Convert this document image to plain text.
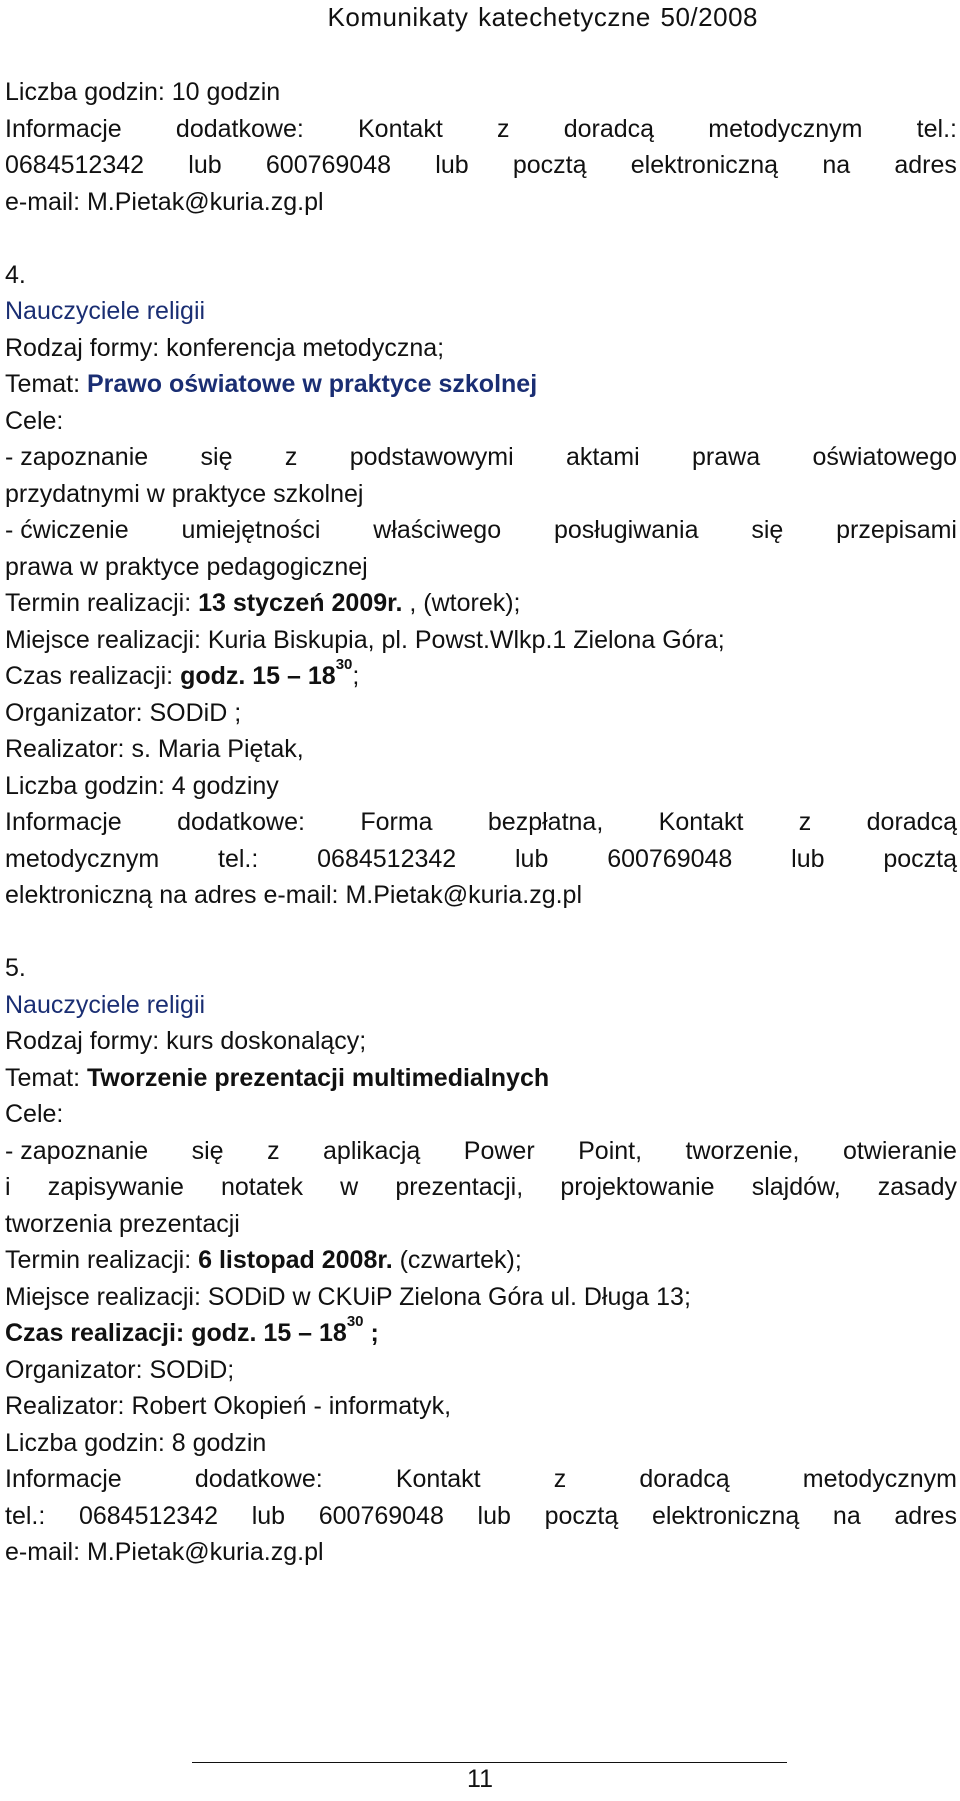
Komunikaty katechetyczne 50/2008
Liczba godzin: 10 godzin
Informacje dodatkowe: Kontakt z doradcą metodycznym tel.:
0684512342 lub 600769048 lub pocztą elektroniczną na adres
e-mail: M.Pietak@kuria.zg.pl
4.
Nauczyciele religii
Rodzaj formy: konferencja metodyczna;
Temat: Prawo oświatowe w praktyce szkolnej
Cele:
- zapoznanie się z podstawowymi aktami prawa oświatowego
przydatnymi w praktyce szkolnej
- ćwiczenie umiejętności właściwego posługiwania się przepisami
prawa w praktyce pedagogicznej
Termin realizacji: 13 styczeń 2009r. , (wtorek);
Miejsce realizacji: Kuria Biskupia, pl. Powst.Wlkp.1 Zielona Góra;
Czas realizacji: godz. $15 - 18^{30}$;
Organizator: SODiD ;
Realizator: s. Maria Piętak,
Liczba godzin: 4 godziny
Informacje dodatkowe: Forma bezpłatna, Kontakt z doradcą
metodycznym tel.: 0684512342 lub 600769048 lub pocztą
elektroniczną na adres e-mail: M.Pietak@kuria.zg.pl
5.
Nauczyciele religii
Rodzaj formy: kurs doskonalący;
Temat: Tworzenie prezentacji multimedialnych
Cele:
- zapoznanie się z aplikacją Power Point, tworzenie, otwieranie
i zapisywanie notatek w prezentacji, projektowanie slajdów, zasady
tworzenia prezentacji
Termin realizacji: 6 listopad 2008r. (czwartek);
Miejsce realizacji: SODiD w CKUiP Zielona Góra ul. Długa 13;
Czas realizacji: godz. $15 - 18^{30}$ ;
Organizator: SODiD;
Realizator: Robert Okopień - informatyk,
Liczba godzin: 8 godzin
Informacje	dodatkowe:	Kontakt	z	doradcą	metodycznym
tel.: 0684512342 lub 600769048 lub pocztą elektroniczną na adres
e-mail: M.Pietak@kuria.zg.pl
11
